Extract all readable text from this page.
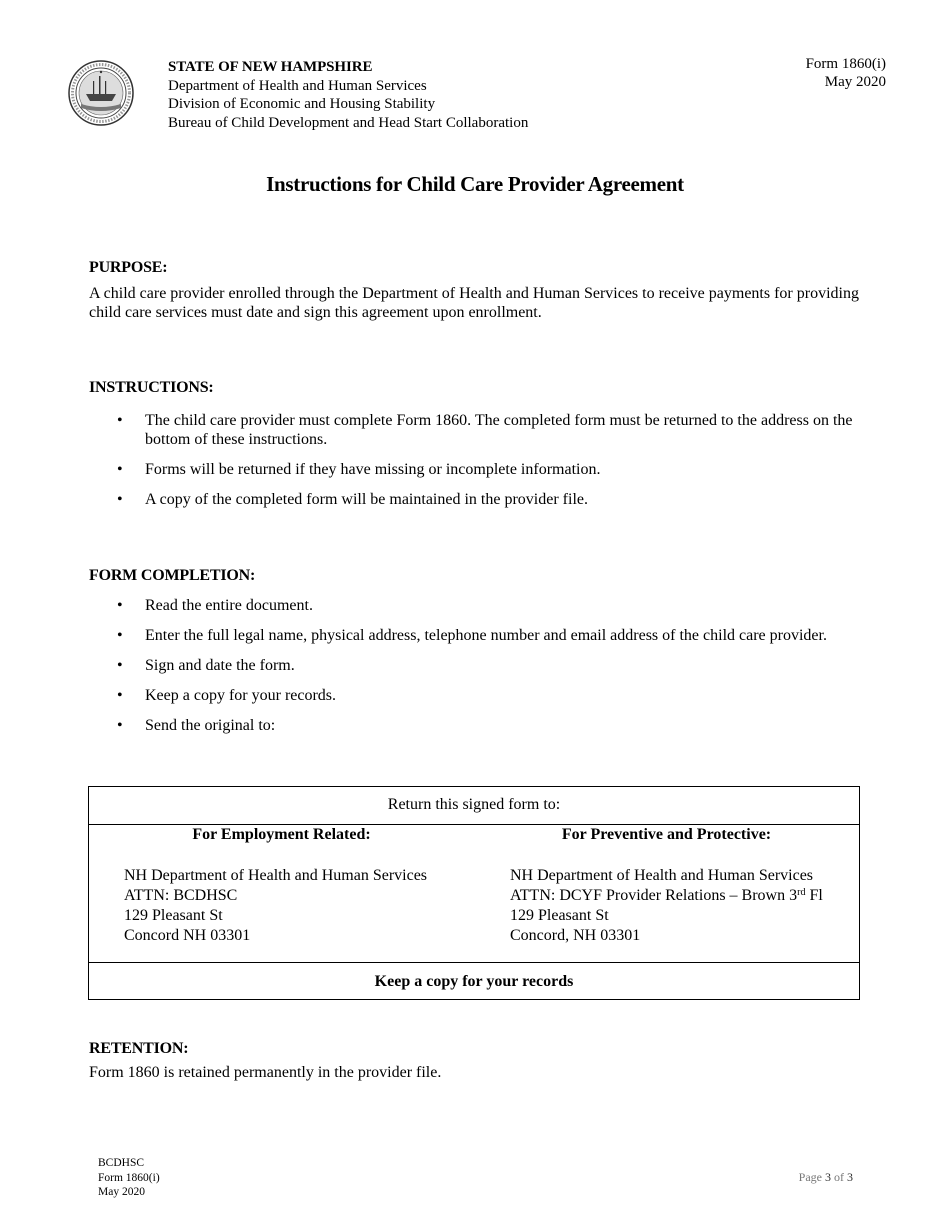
STATE OF NEW HAMPSHIRE
Department of Health and Human Services
Division of Economic and Housing Stability
Bureau of Child Development and Head Start Collaboration
Form 1860(i)
May 2020
Instructions for Child Care Provider Agreement
PURPOSE:
A child care provider enrolled through the Department of Health and Human Services to receive payments for providing child care services must date and sign this agreement upon enrollment.
INSTRUCTIONS:
• The child care provider must complete Form 1860. The completed form must be returned to the address on the bottom of these instructions.
• Forms will be returned if they have missing or incomplete information.
• A copy of the completed form will be maintained in the provider file.
FORM COMPLETION:
• Read the entire document.
• Enter the full legal name, physical address, telephone number and email address of the child care provider.
• Sign and date the form.
• Keep a copy for your records.
• Send the original to:
Return this signed form to:
For Employment Related:	For Preventive and Protective:
NH Department of Health and Human Services
ATTN: BCDHSC
129 Pleasant St
Concord NH 03301
NH Department of Health and Human Services
ATTN: DCYF Provider Relations – Brown 3rd Fl
129 Pleasant St
Concord, NH 03301
Keep a copy for your records
RETENTION:
Form 1860 is retained permanently in the provider file.
BCDHSC
Form 1860(i)
May 2020
Page 3 of 3
